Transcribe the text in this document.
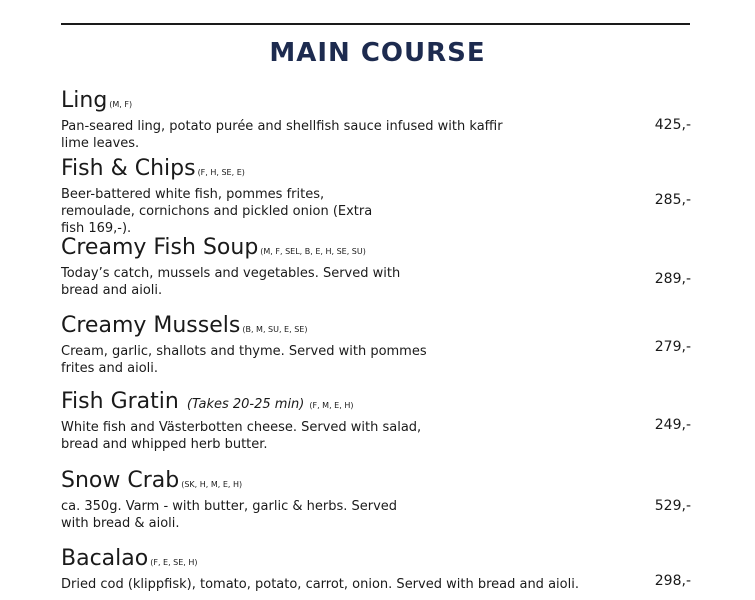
MAIN COURSE
Ling (M, F)
Pan-seared ling, potato purée and shellfish sauce infused with kaffir lime leaves.
425,-
Fish & Chips (F, H, SE, E)
Beer-battered white fish, pommes frites, remoulade, cornichons and pickled onion (Extra fish 169,-).
285,-
Creamy Fish Soup (M, F, SEL, B, E, H, SE, SU)
Today’s catch, mussels and vegetables. Served with bread and aioli.
289,-
Creamy Mussels (B, M, SU, E, SE)
Cream, garlic, shallots and thyme. Served with pommes frites and aioli.
279,-
Fish Gratin (Takes 20-25 min) (F, M, E, H)
White fish and Västerbotten cheese. Served with salad, bread and whipped herb butter.
249,-
Snow Crab (SK, H, M, E, H)
ca. 350g. Varm - with butter, garlic & herbs. Served with bread & aioli.
529,-
Bacalao (F, E, SE, H)
Dried cod (klippfisk), tomato, potato, carrot, onion. Served with bread and aioli.	298,-
